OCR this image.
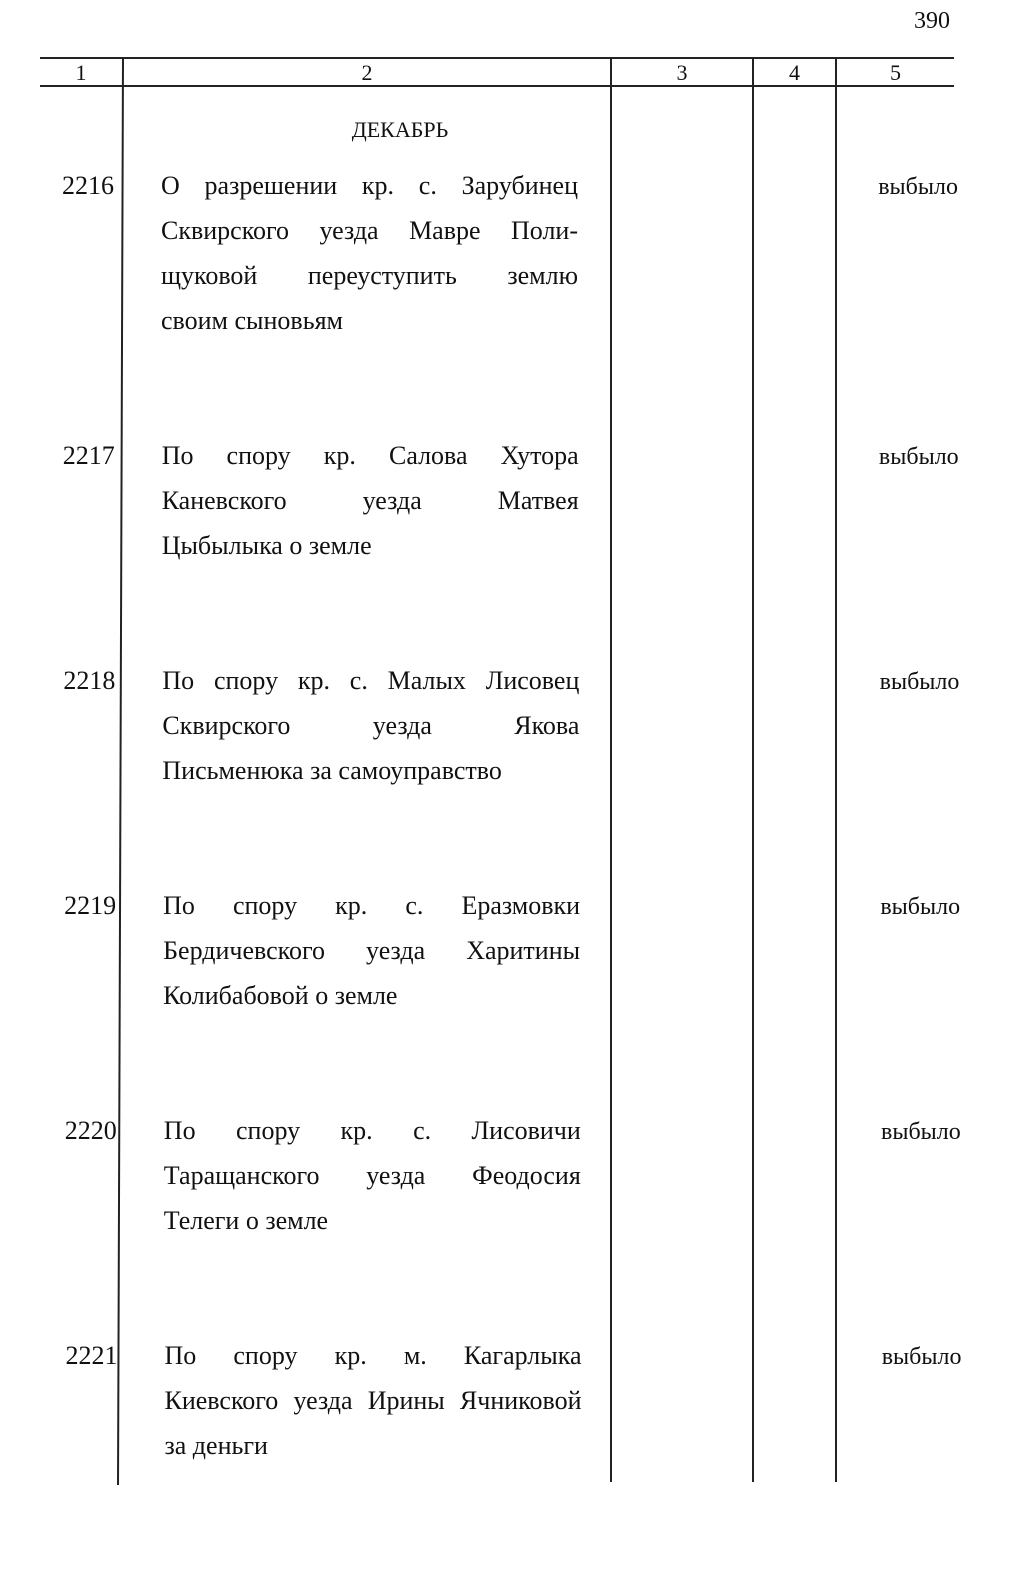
390
1	2	3	4	5
ДЕКАБРЬ
2216 О разрешении кр. с. Зарубинец
Сквирского уезда Мавре Поли-
щуковой переуступить землю
своим сыновьям
выбыло
2217 По спору кр. Салова Хутора
Каневского уезда Матвея
Цыбылыка о земле
выбыло
2218 По спору кр. с. Малых Лисовец
Сквирского уезда Якова
Письменюка за самоуправство
выбыло
2219 По спору кр. с. Еразмовки
Бердичевского уезда Харитины
Колибабовой о земле
выбыло
2220 По спору кр. с. Лисовичи
Таращанского уезда Феодосия
Телеги о земле
выбыло
2221 По спору кр. м. Кагарлыка
Киевского уезда Ирины Ячниковой
за деньги
выбыло
